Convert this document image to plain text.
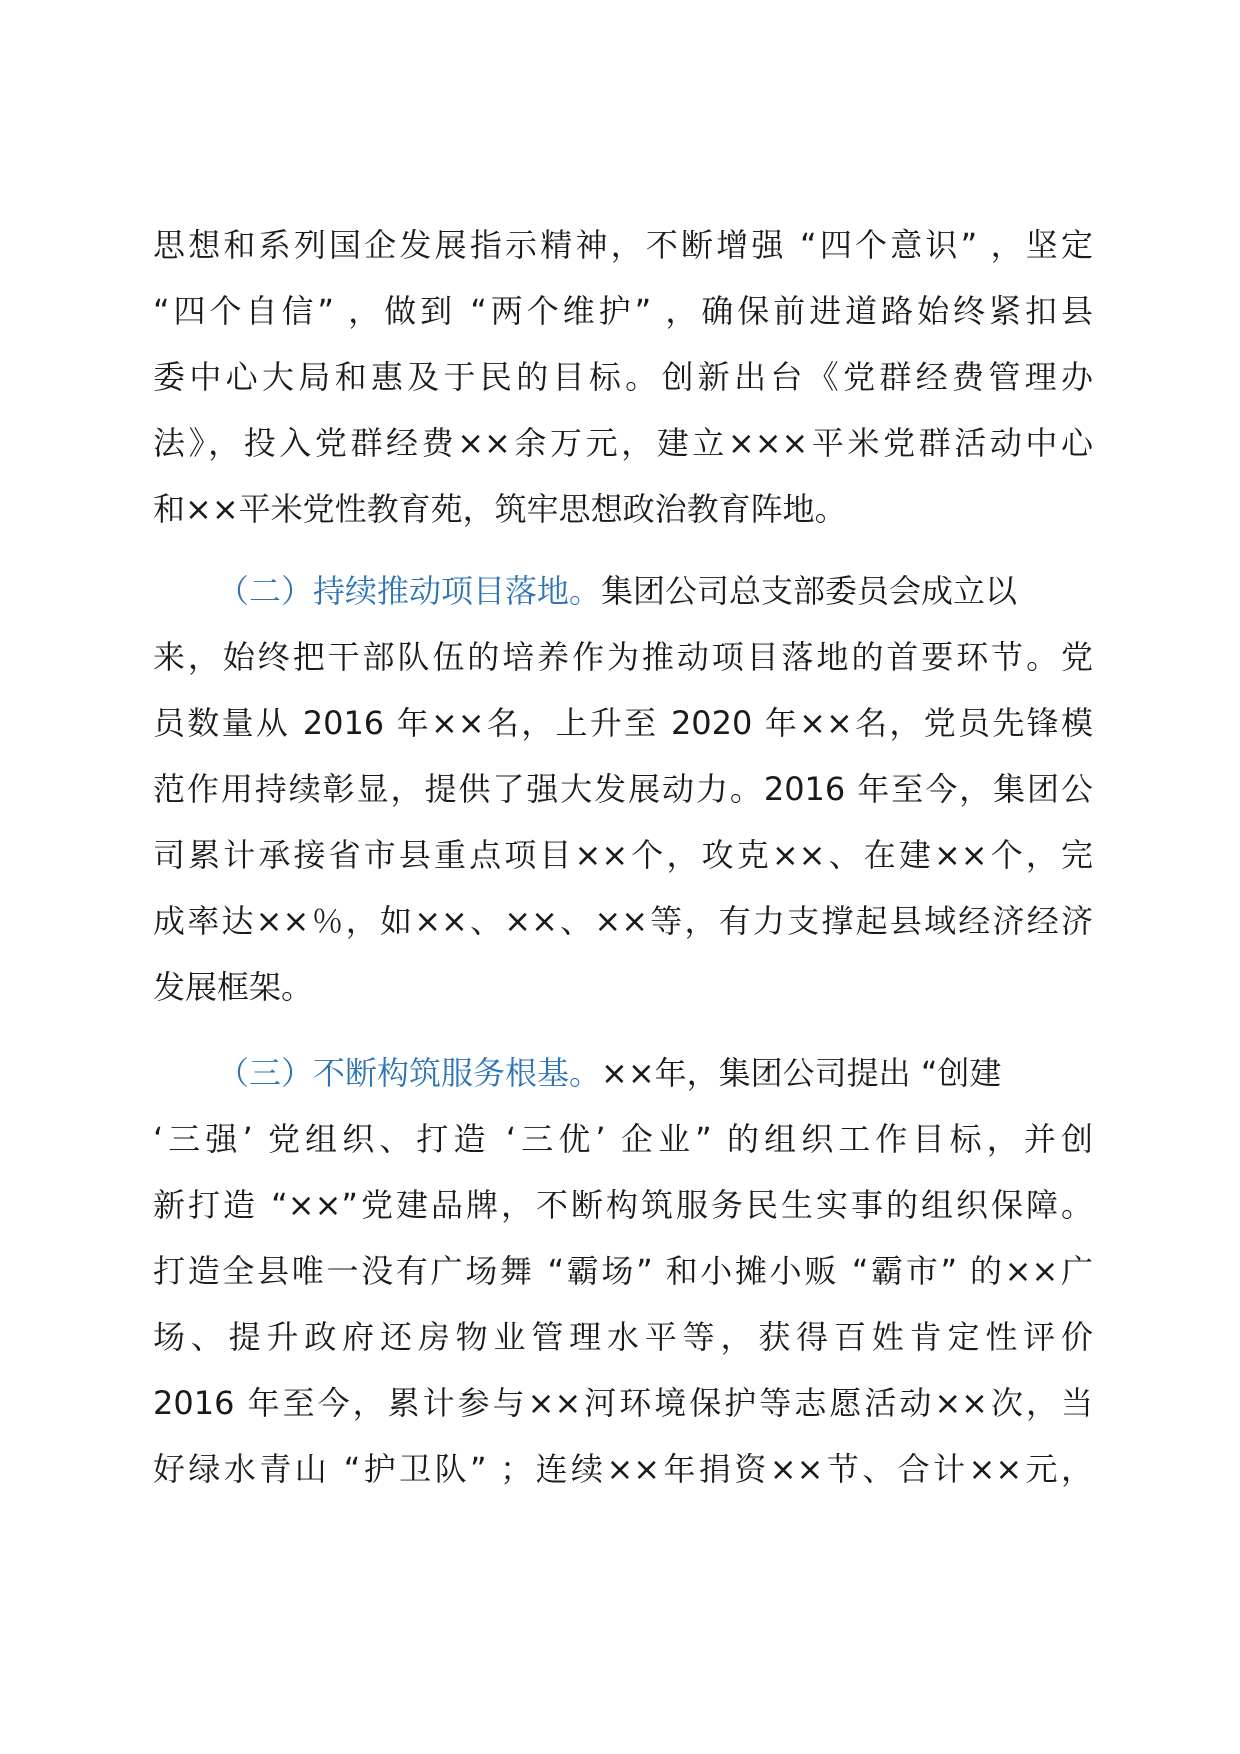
思想和系列国企发展指示精神，不断增强 “四个意识” ，坚定
“四个自信” ，做到 “两个维护” ，确保前进道路始终紧扣县
委中心大局和惠及于民的目标。创新出台《党群经费管理办
法》，投入党群经费××余万元，建立×××平米党群活动中心
和××平米党性教育苑，筑牢思想政治教育阵地。
（二）持续推动项目落地。集团公司总支部委员会成立以
来，始终把干部队伍的培养作为推动项目落地的首要环节。党
员数量从 2016 年××名，上升至 2020 年××名，党员先锋模
范作用持续彰显，提供了强大发展动力。2016 年至今，集团公
司累计承接省市县重点项目××个，攻克××、在建××个，完
成率达××％，如××、××、××等，有力支撑起县域经济经济
发展框架。
（三）不断构筑服务根基。××年，集团公司提出 “创建
‘三强’ 党组织、打造 ‘三优’ 企业” 的组织工作目标，并创
新打造 “××”党建品牌，不断构筑服务民生实事的组织保障。
打造全县唯一没有广场舞 “霸场” 和小摊小贩 “霸市” 的××广
场、提升政府还房物业管理水平等，获得百姓肯定性评价
2016 年至今，累计参与××河环境保护等志愿活动××次，当
好绿水青山 “护卫队” ；连续××年捐资××节、合计××元，
